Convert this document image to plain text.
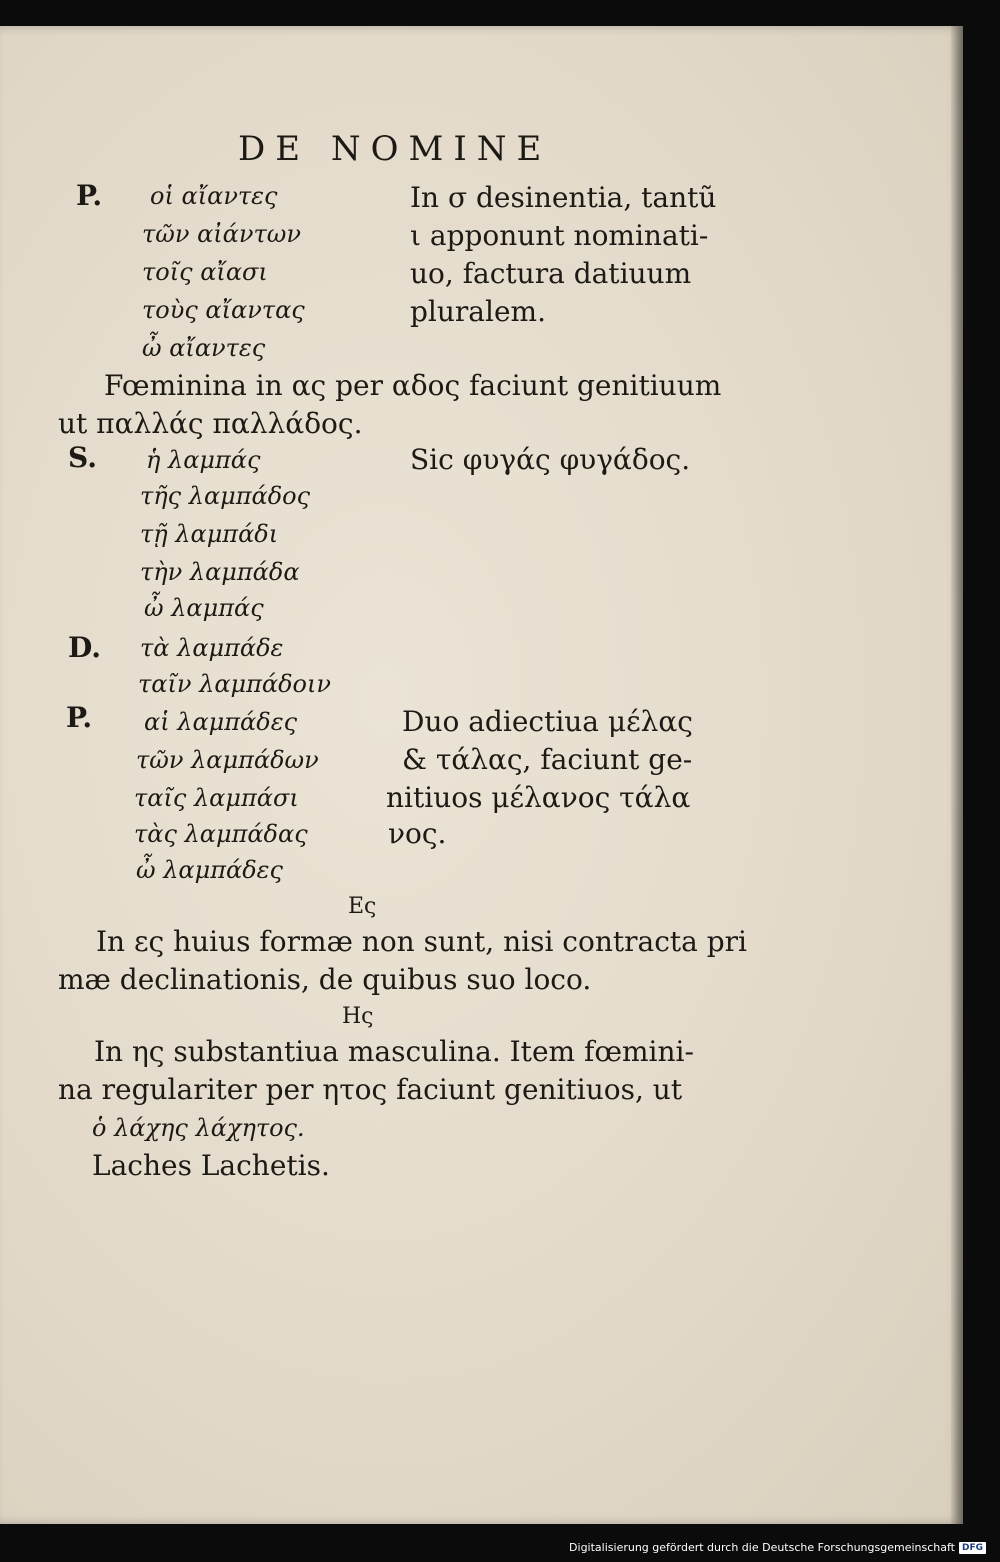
DE NOMINE
P. οἱ αἴαντες
τῶν αἰάντων
τοῖς αἴασι
τοὺς αἴαντας
ὦ αἴαντες
In σ desinentia, tantũ
ι apponunt nominati-
uo, factura datiuum
pluralem.
Fœminina in ας per αδος faciunt genitiuum
ut παλλάς παλλάδος.
S. ἡ λαμπάς
τῆς λαμπάδος
τῇ λαμπάδι
τὴν λαμπάδα
ὦ λαμπάς
Sic φυγάς φυγάδος.
D. τὰ λαμπάδε
ταῖν λαμπάδοιν
P. αἱ λαμπάδες
τῶν λαμπάδων
ταῖς λαμπάσι
τὰς λαμπάδας
ὦ λαμπάδες
Duo adiectiua μέλας
& τάλας, faciunt ge-
nitiuos μέλανος τάλα
νος.
Ες
In ες huius formæ non sunt, nisi contracta pri
mæ declinationis, de quibus suo loco.
Ης
In ης substantiua masculina. Item fœmini-
na regulariter per ητος faciunt genitiuos, ut
ὁ λάχης λάχητος.
Laches Lachetis.
Digitalisierung gefördert durch die Deutsche Forschungsgemeinschaft DFG
